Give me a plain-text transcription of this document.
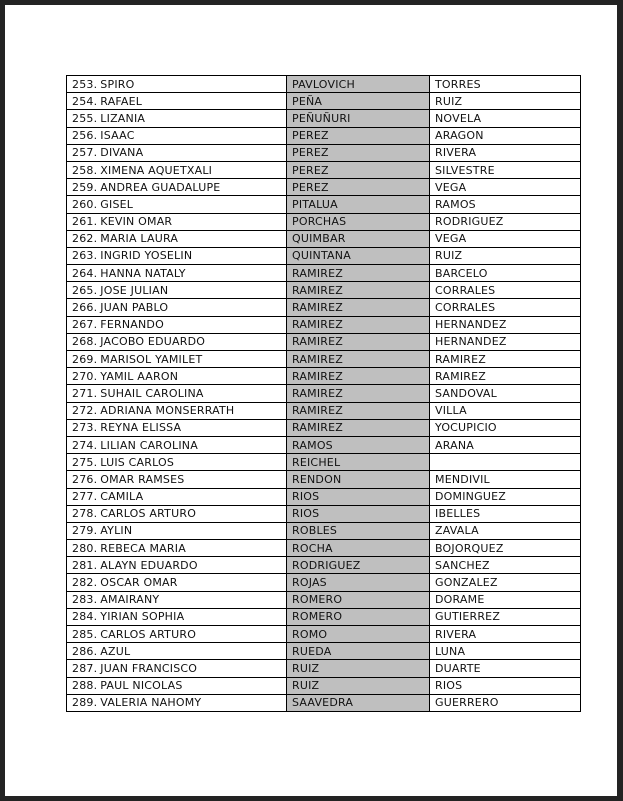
253. SPIRO	PAVLOVICH	TORRES
254. RAFAEL	PEÑA	RUIZ
255. LIZANIA	PEÑUÑURI	NOVELA
256. ISAAC	PEREZ	ARAGON
257. DIVANA	PEREZ	RIVERA
258. XIMENA AQUETXALI	PEREZ	SILVESTRE
259. ANDREA GUADALUPE	PEREZ	VEGA
260. GISEL	PITALUA	RAMOS
261. KEVIN OMAR	PORCHAS	RODRIGUEZ
262. MARIA LAURA	QUIMBAR	VEGA
263. INGRID YOSELIN	QUINTANA	RUIZ
264. HANNA NATALY	RAMIREZ	BARCELO
265. JOSE JULIAN	RAMIREZ	CORRALES
266. JUAN PABLO	RAMIREZ	CORRALES
267. FERNANDO	RAMIREZ	HERNANDEZ
268. JACOBO EDUARDO	RAMIREZ	HERNANDEZ
269. MARISOL YAMILET	RAMIREZ	RAMIREZ
270. YAMIL AARON	RAMIREZ	RAMIREZ
271. SUHAIL CAROLINA	RAMIREZ	SANDOVAL
272. ADRIANA MONSERRATH	RAMIREZ	VILLA
273. REYNA ELISSA	RAMIREZ	YOCUPICIO
274. LILIAN CAROLINA	RAMOS	ARANA
275. LUIS CARLOS	REICHEL	
276. OMAR RAMSES	RENDON	MENDIVIL
277. CAMILA	RIOS	DOMINGUEZ
278. CARLOS ARTURO	RIOS	IBELLES
279. AYLIN	ROBLES	ZAVALA
280. REBECA MARIA	ROCHA	BOJORQUEZ
281. ALAYN EDUARDO	RODRIGUEZ	SANCHEZ
282. OSCAR OMAR	ROJAS	GONZALEZ
283. AMAIRANY	ROMERO	DORAME
284. YIRIAN SOPHIA	ROMERO	GUTIERREZ
285. CARLOS ARTURO	ROMO	RIVERA
286. AZUL	RUEDA	LUNA
287. JUAN FRANCISCO	RUIZ	DUARTE
288. PAUL NICOLAS	RUIZ	RIOS
289. VALERIA NAHOMY	SAAVEDRA	GUERRERO
